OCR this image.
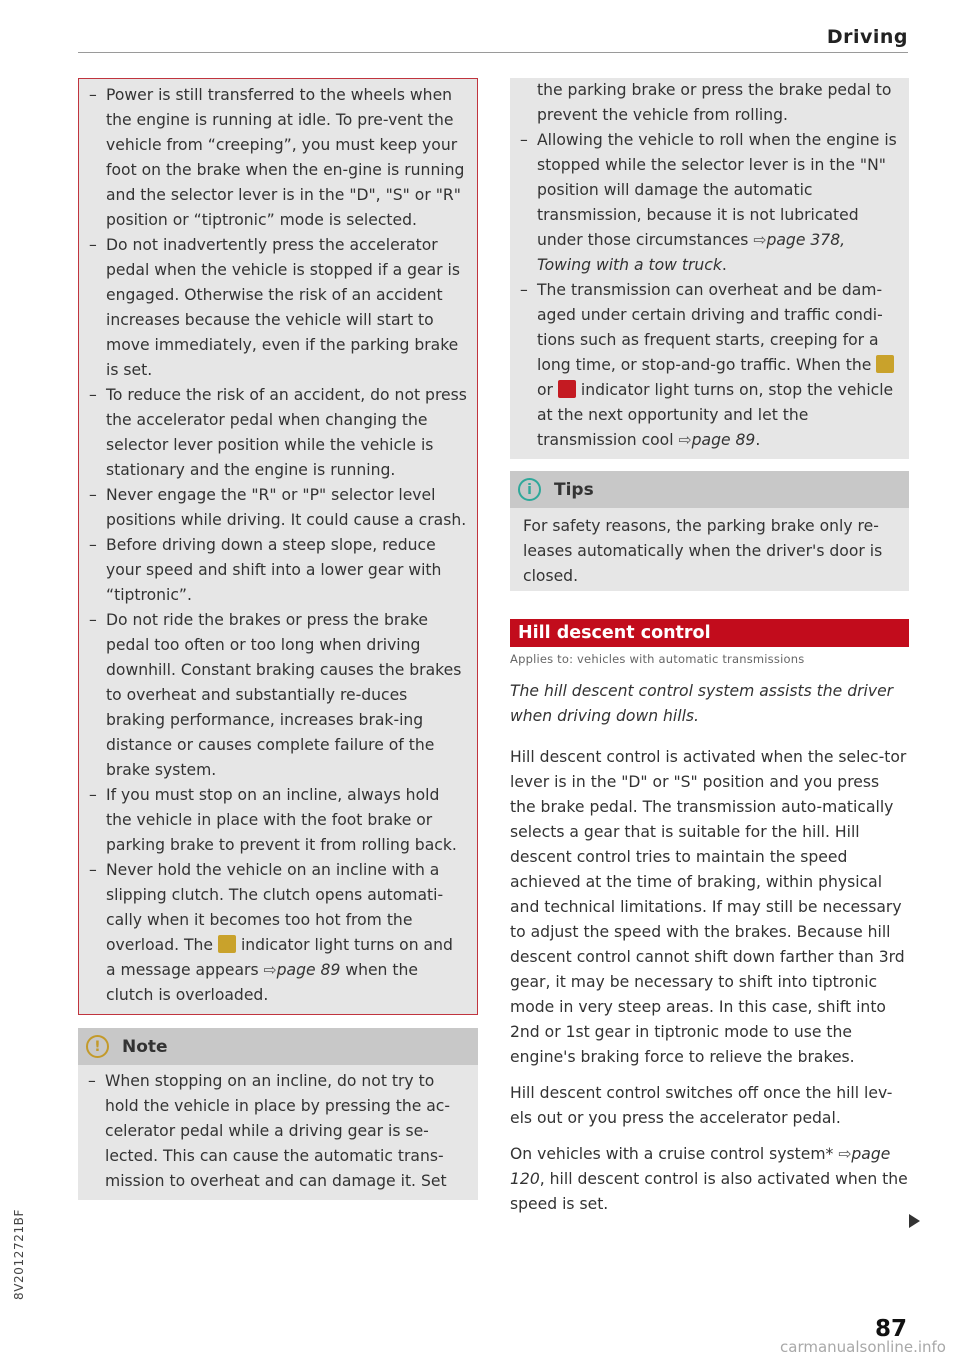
Driving
8V2012721BF
– Power is still transferred to the wheels when the engine is running at idle. To pre-vent the vehicle from “creeping”, you must keep your foot on the brake when the en-gine is running and the selector lever is in the "D", "S" or "R" position or “tiptronic” mode is selected.
– Do not inadvertently press the accelerator pedal when the vehicle is stopped if a gear is engaged. Otherwise the risk of an accident increases because the vehicle will start to move immediately, even if the parking brake is set.
– To reduce the risk of an accident, do not press the accelerator pedal when changing the selector lever position while the vehicle is stationary and the engine is running.
– Never engage the "R" or "P" selector level positions while driving. It could cause a crash.
– Before driving down a steep slope, reduce your speed and shift into a lower gear with “tiptronic”.
– Do not ride the brakes or press the brake pedal too often or too long when driving downhill. Constant braking causes the brakes to overheat and substantially re-duces braking performance, increases brak-ing distance or causes complete failure of the brake system.
– If you must stop on an incline, always hold the vehicle in place with the foot brake or parking brake to prevent it from rolling back.
– Never hold the vehicle on an incline with a slipping clutch. The clutch opens automati-cally when it becomes too hot from the overload. The  indicator light turns on and a message appears ⇨page 89 when the clutch is overloaded.
!	Note
– When stopping on an incline, do not try to hold the vehicle in place by pressing the ac-celerator pedal while a driving gear is se-lected. This can cause the automatic trans-mission to overheat and can damage it. Set
the parking brake or press the brake pedal to prevent the vehicle from rolling.
– Allowing the vehicle to roll when the engine is stopped while the selector lever is in the "N" position will damage the automatic transmission, because it is not lubricated under those circumstances ⇨page 378, Towing with a tow truck.
– The transmission can overheat and be dam-aged under certain driving and traffic condi-tions such as frequent starts, creeping for a long time, or stop-and-go traffic. When the  or  indicator light turns on, stop the vehicle at the next opportunity and let the transmission cool ⇨page 89.
i	Tips
For safety reasons, the parking brake only re-leases automatically when the driver's door is closed.
Hill descent control
Applies to: vehicles with automatic transmissions
The hill descent control system assists the driver when driving down hills.
Hill descent control is activated when the selec-tor lever is in the "D" or "S" position and you press the brake pedal. The transmission auto-matically selects a gear that is suitable for the hill. Hill descent control tries to maintain the speed achieved at the time of braking, within physical and technical limitations. If may still be necessary to adjust the speed with the brakes. Because hill descent control cannot shift down farther than 3rd gear, it may be necessary to shift into tiptronic mode in very steep areas. In this case, shift into 2nd or 1st gear in tiptronic mode to use the engine's braking force to relieve the brakes.
Hill descent control switches off once the hill lev-els out or you press the accelerator pedal.
On vehicles with a cruise control system* ⇨page 120, hill descent control is also activated when the speed is set.
87
carmanualsonline.info
